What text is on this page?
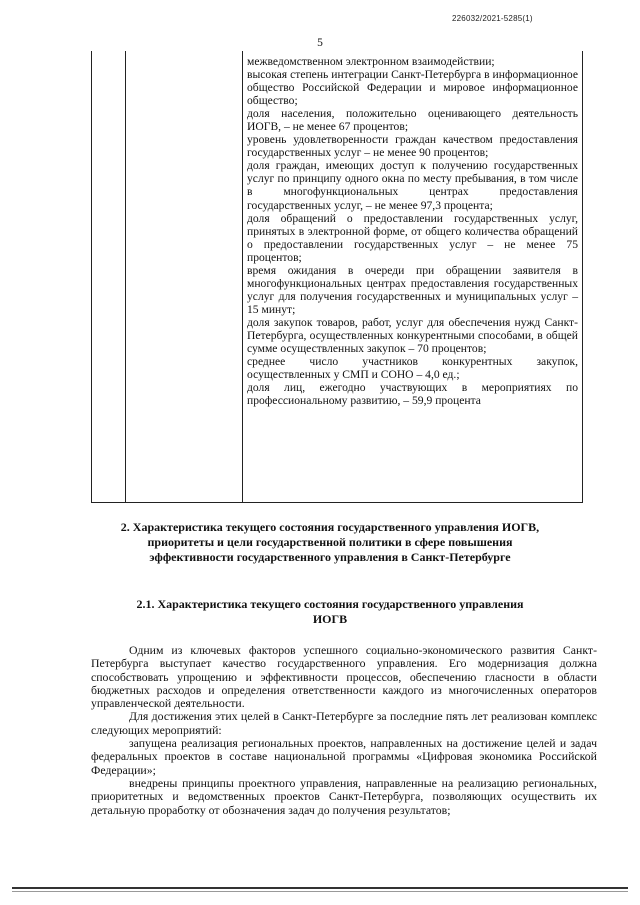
226032/2021-5285(1)
5

межведомственном электронном взаимодействии;

высокая степень интеграции Санкт-Петербурга в информационное общество Российской Федерации и мировое информационное общество;

доля населения, положительно оценивающего деятельность ИОГВ, – не менее 67 процентов;

уровень удовлетворенности граждан качеством предоставления государственных услуг – не менее 90 процентов;

доля граждан, имеющих доступ к получению государственных услуг по принципу одного окна по месту пребывания, в том числе в многофункциональных центрах предоставления государственных услуг, – не менее 97,3 процента;

доля обращений о предоставлении государственных услуг, принятых в электронной форме, от общего количества обращений о предоставлении государственных услуг – не менее 75 процентов;

время ожидания в очереди при обращении заявителя в многофункциональных центрах предоставления государственных услуг для получения государственных и муниципальных услуг – 15 минут;

доля закупок товаров, работ, услуг для обеспечения нужд Санкт-Петербурга, осуществленных конкурентными способами, в общей сумме осуществленных закупок – 70 процентов;

среднее число участников конкурентных закупок, осуществленных у СМП и СОНО – 4,0 ед.;

доля лиц, ежегодно участвующих в мероприятиях по профессиональному развитию, – 59,9 процента

2. Характеристика текущего состояния государственного управления ИОГВ, приоритеты и цели государственной политики в сфере повышения эффективности государственного управления в Санкт-Петербурге
2.1. Характеристика текущего состояния государственного управления ИОГВ

Одним из ключевых факторов успешного социально-экономического развития Санкт-Петербурга выступает качество государственного управления. Его модернизация должна способствовать упрощению и эффективности процессов, обеспечению гласности в области бюджетных расходов и определения ответственности каждого из многочисленных операторов управленческой деятельности.

Для достижения этих целей в Санкт-Петербурге за последние пять лет реализован комплекс следующих мероприятий:

запущена реализация региональных проектов, направленных на достижение целей и задач федеральных проектов в составе национальной программы «Цифровая экономика Российской Федерации»;

внедрены принципы проектного управления, направленные на реализацию региональных, приоритетных и ведомственных проектов Санкт-Петербурга, позволяющих осуществить их детальную проработку от обозначения задач до получения результатов;
